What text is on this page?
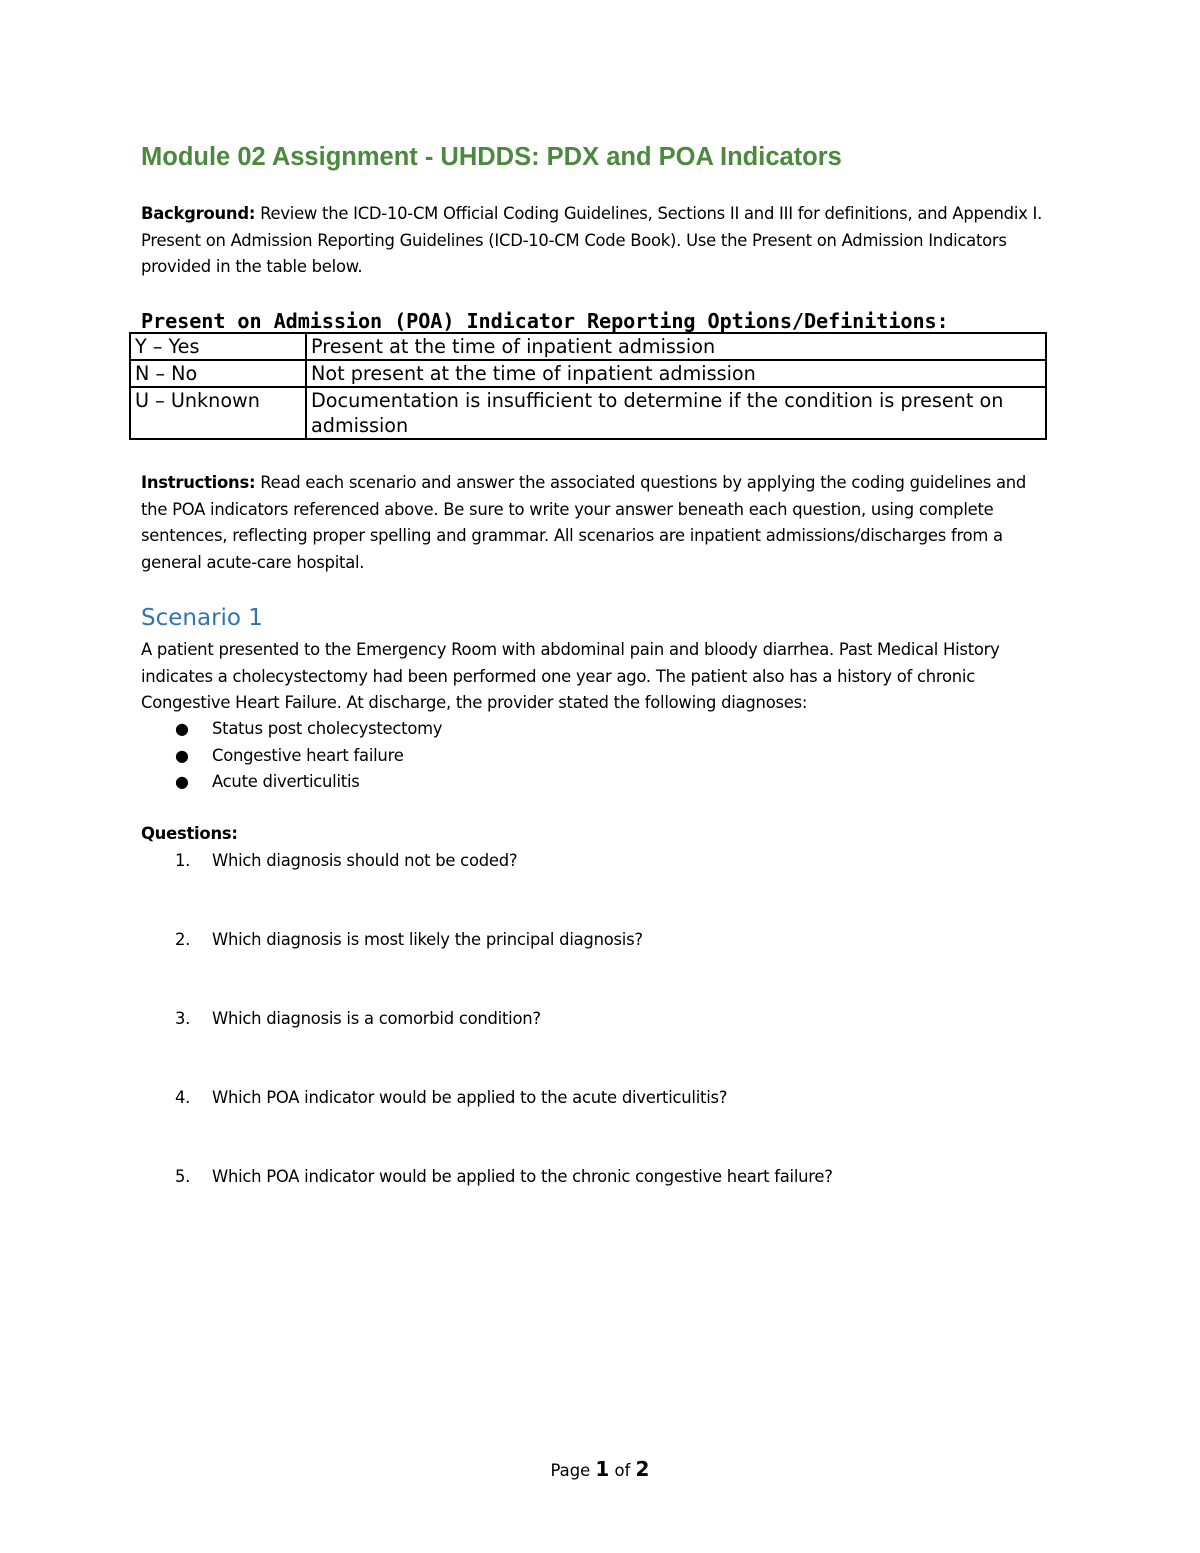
Module 02 Assignment - UHDDS: PDX and POA Indicators

Background: Review the ICD-10-CM Official Coding Guidelines, Sections II and III for definitions, and Appendix I. Present on Admission Reporting Guidelines (ICD-10-CM Code Book). Use the Present on Admission Indicators provided in the table below.

Present on Admission (POA) Indicator Reporting Options/Definitions:
Y – Yes	Present at the time of inpatient admission
N – No	Not present at the time of inpatient admission
U – Unknown	Documentation is insufficient to determine if the condition is present on admission

Instructions: Read each scenario and answer the associated questions by applying the coding guidelines and the POA indicators referenced above. Be sure to write your answer beneath each question, using complete sentences, reflecting proper spelling and grammar. All scenarios are inpatient admissions/discharges from a general acute-care hospital.

Scenario 1

A patient presented to the Emergency Room with abdominal pain and bloody diarrhea. Past Medical History indicates a cholecystectomy had been performed one year ago. The patient also has a history of chronic Congestive Heart Failure. At discharge, the provider stated the following diagnoses:

● Status post cholecystectomy
● Congestive heart failure
● Acute diverticulitis
Questions:
1. Which diagnosis should not be coded?
2. Which diagnosis is most likely the principal diagnosis?
3. Which diagnosis is a comorbid condition?
4. Which POA indicator would be applied to the acute diverticulitis?
5. Which POA indicator would be applied to the chronic congestive heart failure?
Page 1 of 2
